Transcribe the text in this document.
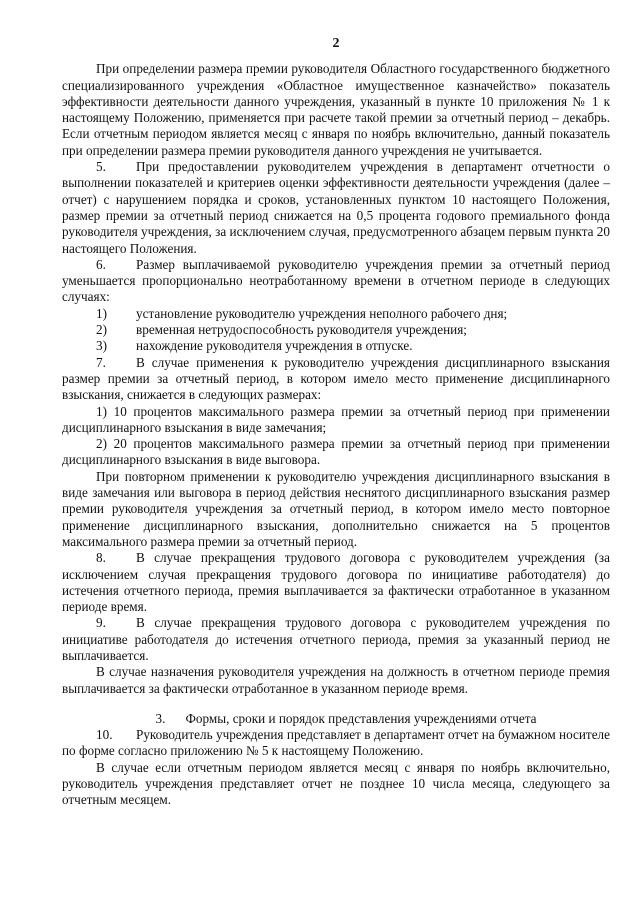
2

При определении размера премии руководителя Областного государственного бюджетного специализированного учреждения «Областное имущественное казначейство» показатель эффективности деятельности данного учреждения, указанный в пункте 10 приложения № 1 к настоящему Положению, применяется при расчете такой премии за отчетный период – декабрь. Если отчетным периодом является месяц с января по ноябрь включительно, данный показатель при определении размера премии руководителя данного учреждения не учитывается.

5. При предоставлении руководителем учреждения в департамент отчетности о выполнении показателей и критериев оценки эффективности деятельности учреждения (далее – отчет) с нарушением порядка и сроков, установленных пунктом 10 настоящего Положения, размер премии за отчетный период снижается на 0,5 процента годового премиального фонда руководителя учреждения, за исключением случая, предусмотренного абзацем первым пункта 20 настоящего Положения.

6. Размер выплачиваемой руководителю учреждения премии за отчетный период уменьшается пропорционально неотработанному времени в отчетном периоде в следующих случаях:

1) установление руководителю учреждения неполного рабочего дня;

2) временная нетрудоспособность руководителя учреждения;

3) нахождение руководителя учреждения в отпуске.

7. В случае применения к руководителю учреждения дисциплинарного взыскания размер премии за отчетный период, в котором имело место применение дисциплинарного взыскания, снижается в следующих размерах:

1) 10 процентов максимального размера премии за отчетный период при применении дисциплинарного взыскания в виде замечания;

2) 20 процентов максимального размера премии за отчетный период при применении дисциплинарного взыскания в виде выговора.

При повторном применении к руководителю учреждения дисциплинарного взыскания в виде замечания или выговора в период действия неснятого дисциплинарного взыскания размер премии руководителя учреждения за отчетный период, в котором имело место повторное применение дисциплинарного взыскания, дополнительно снижается на 5 процентов максимального размера премии за отчетный период.

8. В случае прекращения трудового договора с руководителем учреждения (за исключением случая прекращения трудового договора по инициативе работодателя) до истечения отчетного периода, премия выплачивается за фактически отработанное в указанном периоде время.

9. В случае прекращения трудового договора с руководителем учреждения по инициативе работодателя до истечения отчетного периода, премия за указанный период не выплачивается.

В случае назначения руководителя учреждения на должность в отчетном периоде премия выплачивается за фактически отработанное в указанном периоде время.

3. Формы, сроки и порядок представления учреждениями отчета

10. Руководитель учреждения представляет в департамент отчет на бумажном носителе по форме согласно приложению № 5 к настоящему Положению.

В случае если отчетным периодом является месяц с января по ноябрь включительно, руководитель учреждения представляет отчет не позднее 10 числа месяца, следующего за отчетным месяцем.
